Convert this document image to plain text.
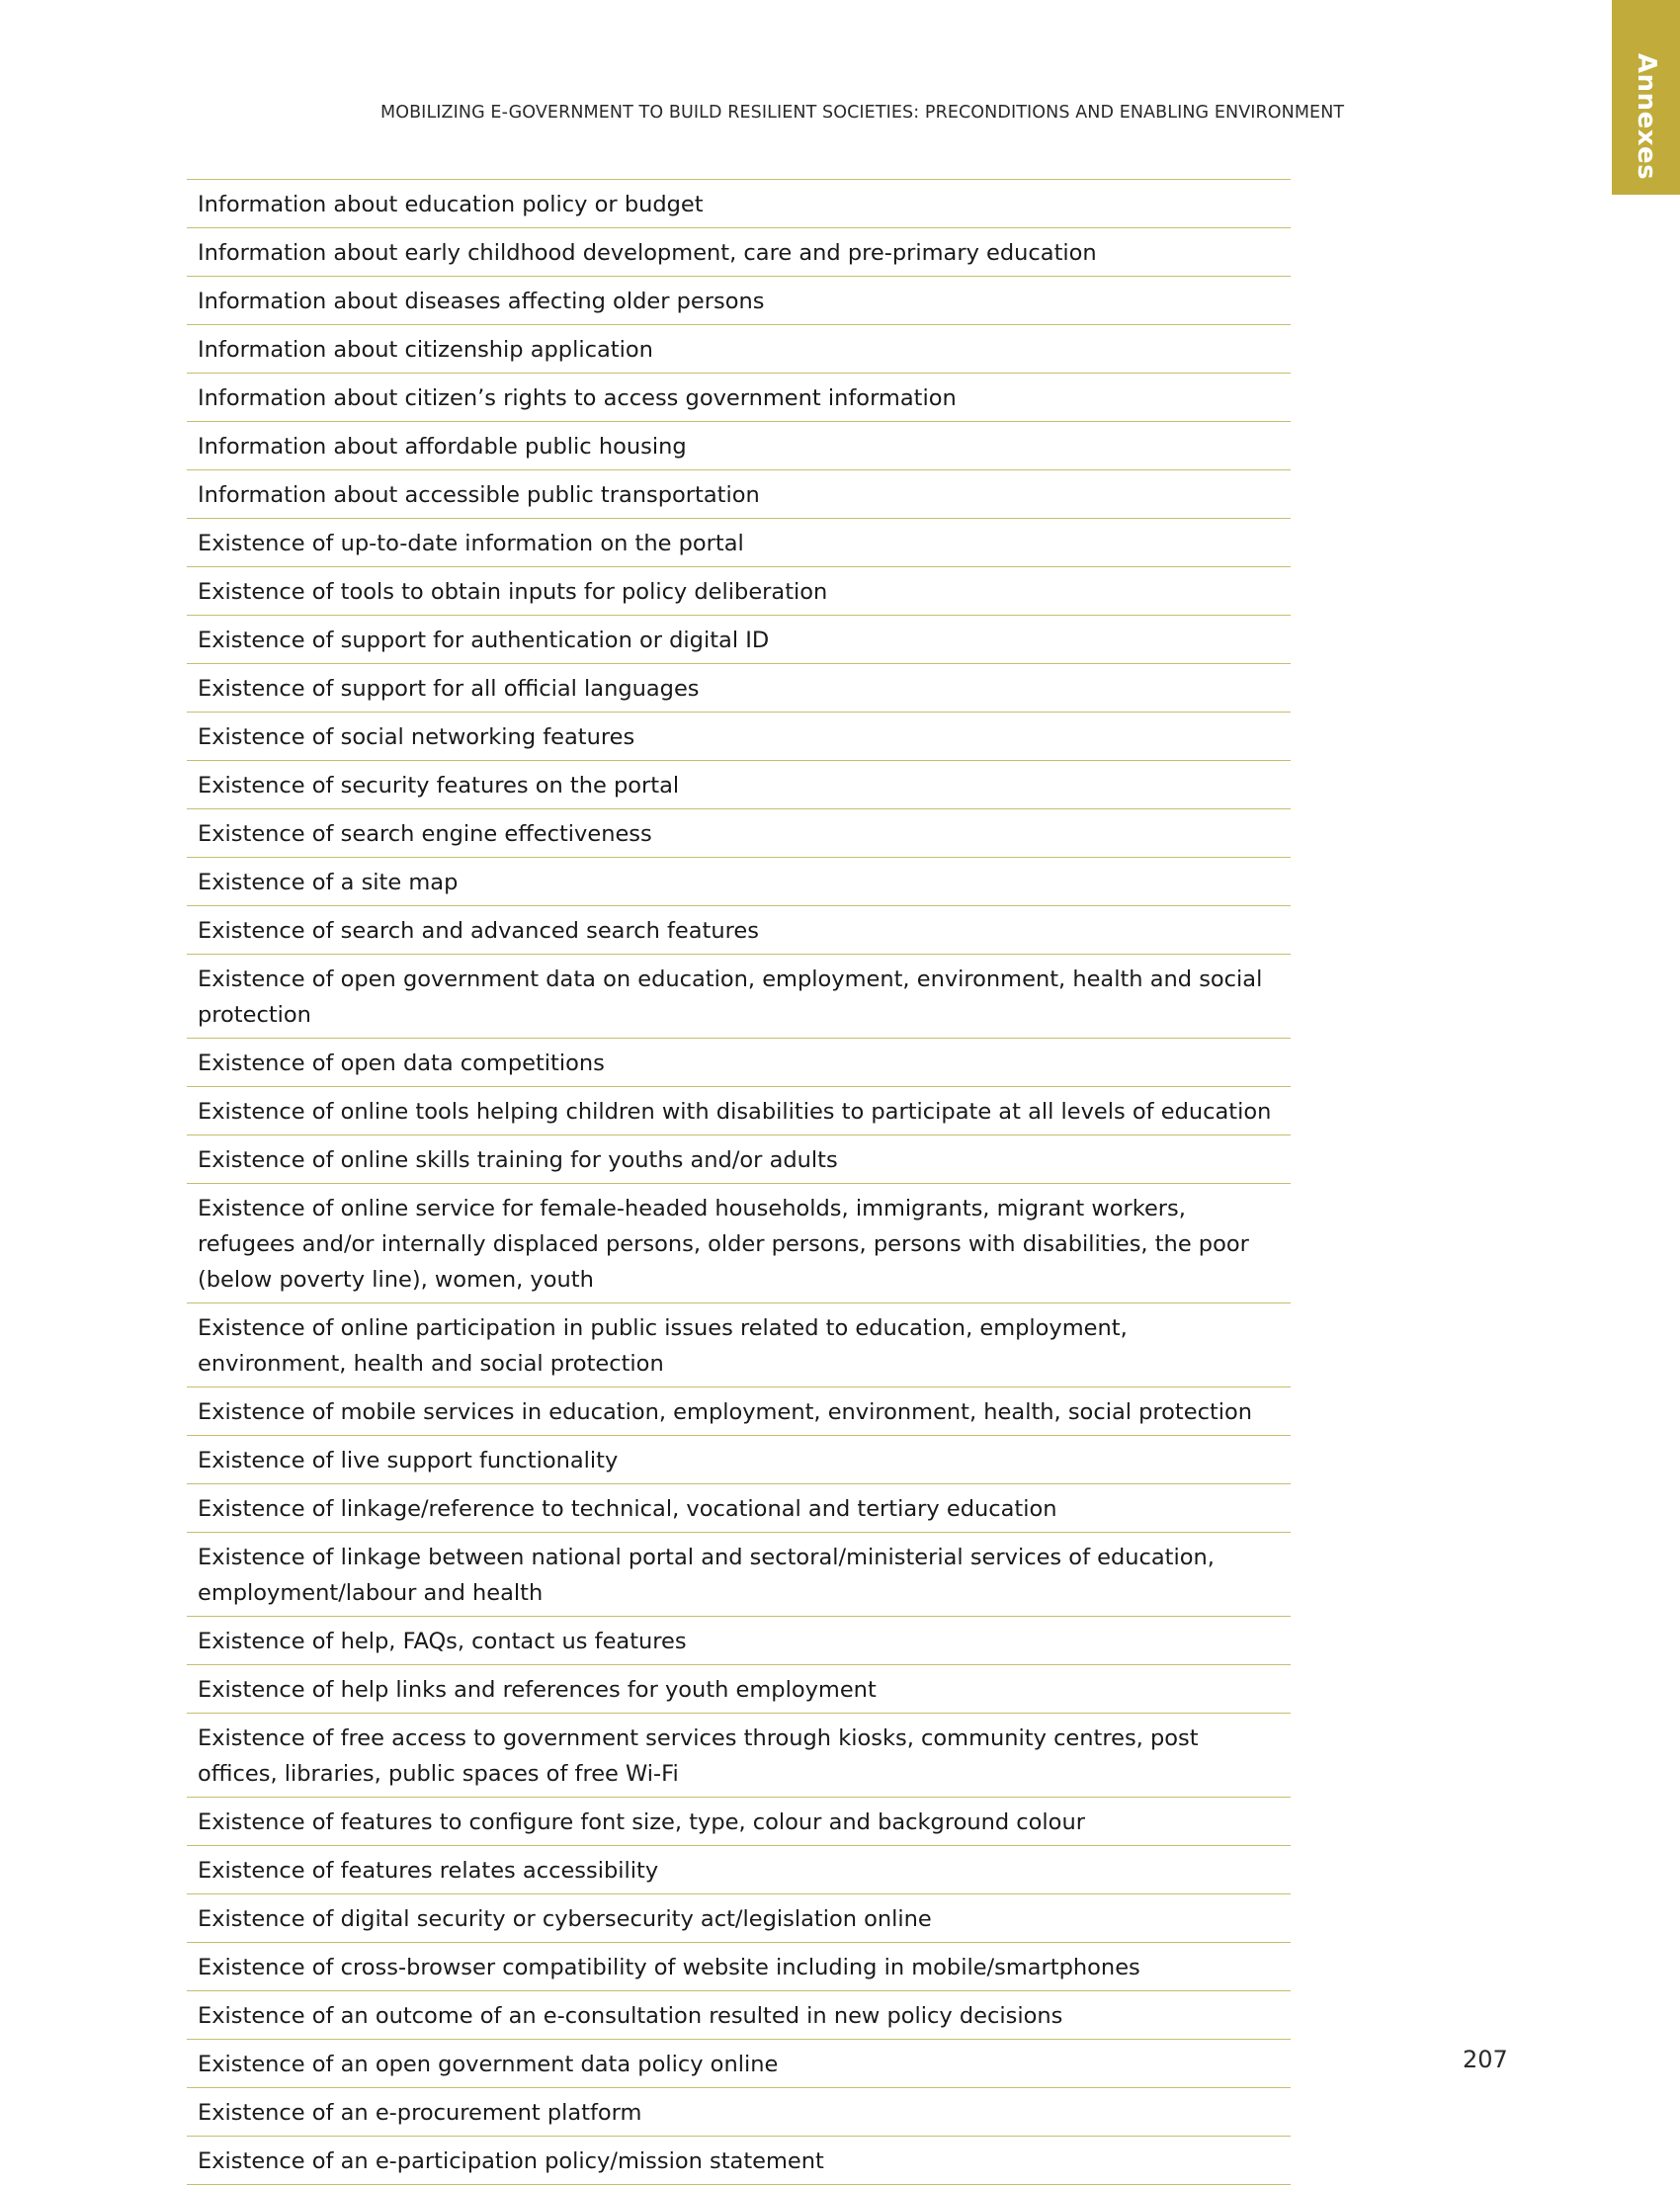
MOBILIZING E-GOVERNMENT TO BUILD RESILIENT SOCIETIES: PRECONDITIONS AND ENABLING ENVIRONMENT	Annexes
Information about education policy or budget
Information about early childhood development, care and pre-primary education
Information about diseases affecting older persons
Information about citizenship application
Information about citizen’s rights to access government information
Information about affordable public housing
Information about accessible public transportation
Existence of up-to-date information on the portal
Existence of tools to obtain inputs for policy deliberation
Existence of support for authentication or digital ID
Existence of support for all official languages
Existence of social networking features
Existence of security features on the portal
Existence of search engine effectiveness
Existence of a site map
Existence of search and advanced search features
Existence of open government data on education, employment, environment, health and social protection
Existence of open data competitions
Existence of online tools helping children with disabilities to participate at all levels of education
Existence of online skills training for youths and/or adults
Existence of online service for female-headed households, immigrants, migrant workers, refugees and/or internally displaced persons, older persons, persons with disabilities, the poor (below poverty line), women, youth
Existence of online participation in public issues related to education, employment, environment, health and social protection
Existence of mobile services in education, employment, environment, health, social protection
Existence of live support functionality
Existence of linkage/reference to technical, vocational and tertiary education
Existence of linkage between national portal and sectoral/ministerial services of education, employment/labour and health
Existence of help, FAQs, contact us features
Existence of help links and references for youth employment
Existence of free access to government services through kiosks, community centres, post offices, libraries, public spaces of free Wi-Fi
Existence of features to configure font size, type, colour and background colour
Existence of features relates accessibility
Existence of digital security or cybersecurity act/legislation online
Existence of cross-browser compatibility of website including in mobile/smartphones
Existence of an outcome of an e-consultation resulted in new policy decisions
Existence of an open government data policy online
Existence of an e-procurement platform
Existence of an e-participation policy/mission statement
207
